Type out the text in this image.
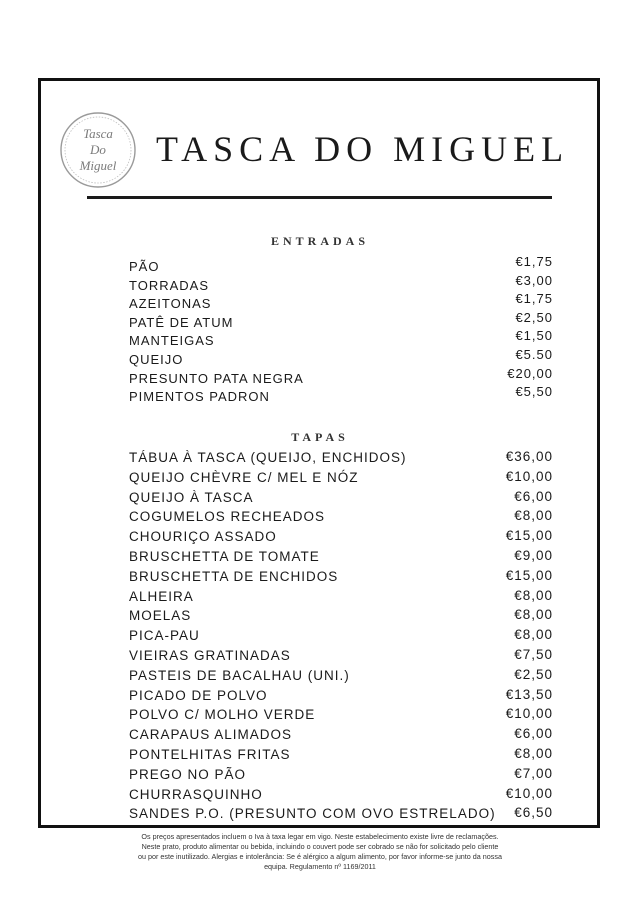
Tasca
Do
Miguel TASCA DO MIGUEL
ENTRADAS
PÃO	€1,75
TORRADAS	€3,00
AZEITONAS	€1,75
PATÊ DE ATUM	€2,50
MANTEIGAS	€1,50
QUEIJO	€5.50
PRESUNTO PATA NEGRA	€20,00
PIMENTOS PADRON	€5,50
TAPAS
TÁBUA À TASCA (QUEIJO, ENCHIDOS)	€36,00
QUEIJO CHÈVRE C/ MEL E NÓZ	€10,00
QUEIJO À TASCA	€6,00
COGUMELOS RECHEADOS	€8,00
CHOURIÇO ASSADO	€15,00
BRUSCHETTA DE TOMATE	€9,00
BRUSCHETTA DE ENCHIDOS	€15,00
ALHEIRA	€8,00
MOELAS	€8,00
PICA-PAU	€8,00
VIEIRAS GRATINADAS	€7,50
PASTEIS DE BACALHAU (UNI.)	€2,50
PICADO DE POLVO	€13,50
POLVO C/ MOLHO VERDE	€10,00
CARAPAUS ALIMADOS	€6,00
PONTELHITAS FRITAS	€8,00
PREGO NO PÃO	€7,00
CHURRASQUINHO	€10,00
SANDES P.O. (PRESUNTO COM OVO ESTRELADO) €6,50
Os preços apresentados incluem o Iva à taxa legar em vigo. Neste estabelecimento existe livre de reclamações.
Neste prato, produto alimentar ou bebida, incluindo o couvert pode ser cobrado se não for solicitado pelo cliente
ou por este inutilizado. Alergias e intolerância: Se é alérgico a algum alimento, por favor informe-se junto da nossa
equipa. Regulamento nº 1169/2011
